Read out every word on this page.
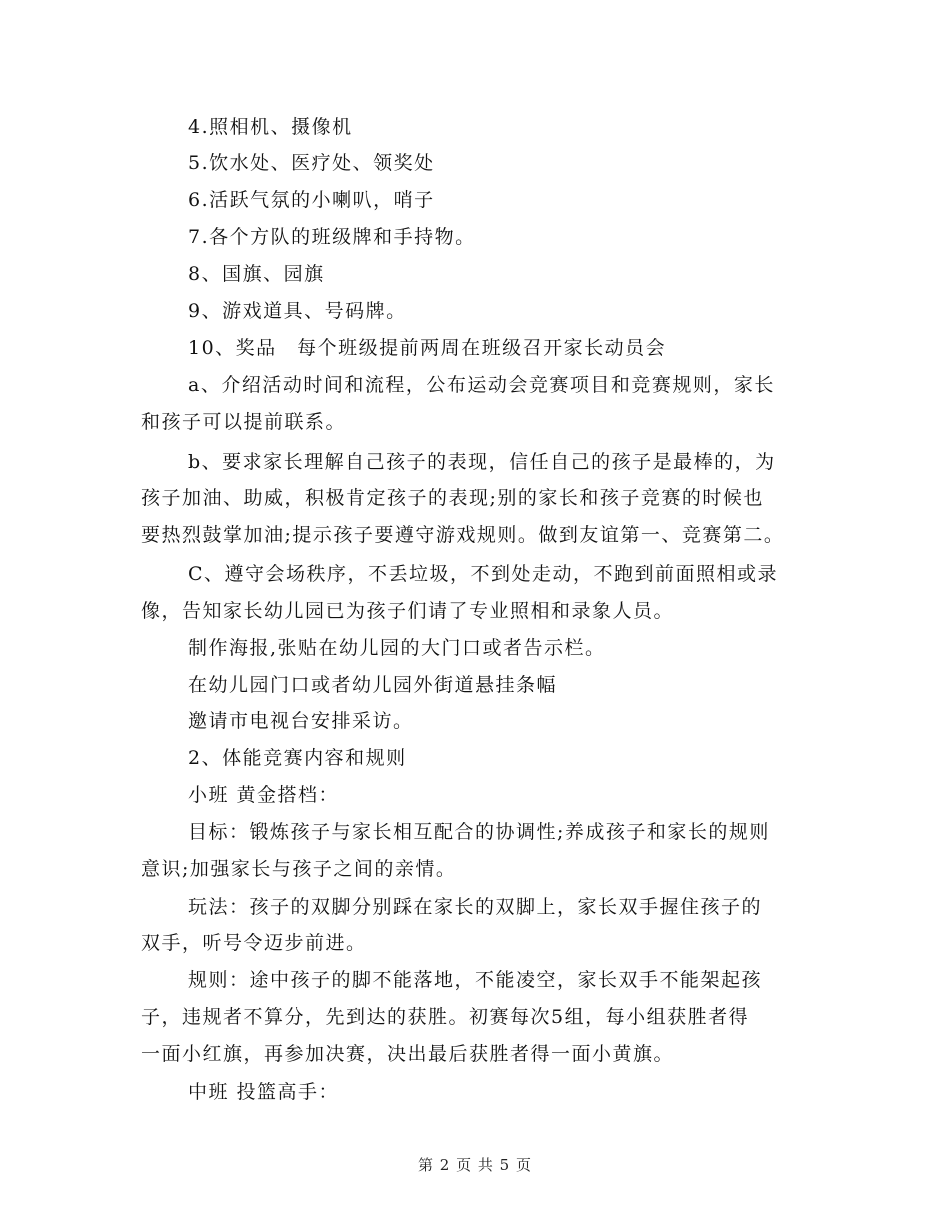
4.照相机、摄像机
5.饮水处、医疗处、领奖处
6.活跃气氛的小喇叭，哨子
7.各个方队的班级牌和手持物。
8、国旗、园旗
9、游戏道具、号码牌。
10、奖品　每个班级提前两周在班级召开家长动员会
a、介绍活动时间和流程，公布运动会竞赛项目和竞赛规则，家长
和孩子可以提前联系。
b、要求家长理解自己孩子的表现，信任自己的孩子是最棒的，为
孩子加油、助威，积极肯定孩子的表现;别的家长和孩子竞赛的时候也
要热烈鼓掌加油;提示孩子要遵守游戏规则。做到友谊第一、竞赛第二。
C、遵守会场秩序，不丢垃圾，不到处走动，不跑到前面照相或录
像，告知家长幼儿园已为孩子们请了专业照相和录象人员。
制作海报,张贴在幼儿园的大门口或者告示栏。
在幼儿园门口或者幼儿园外街道悬挂条幅
邀请市电视台安排采访。
2、体能竞赛内容和规则
小班 黄金搭档：
目标：锻炼孩子与家长相互配合的协调性;养成孩子和家长的规则
意识;加强家长与孩子之间的亲情。
玩法：孩子的双脚分别踩在家长的双脚上，家长双手握住孩子的
双手，听号令迈步前进。
规则：途中孩子的脚不能落地，不能凌空，家长双手不能架起孩
子，违规者不算分，先到达的获胜。初赛每次5组，每小组获胜者得
一面小红旗，再参加决赛，决出最后获胜者得一面小黄旗。
中班 投篮高手：
第 2 页 共 5 页
